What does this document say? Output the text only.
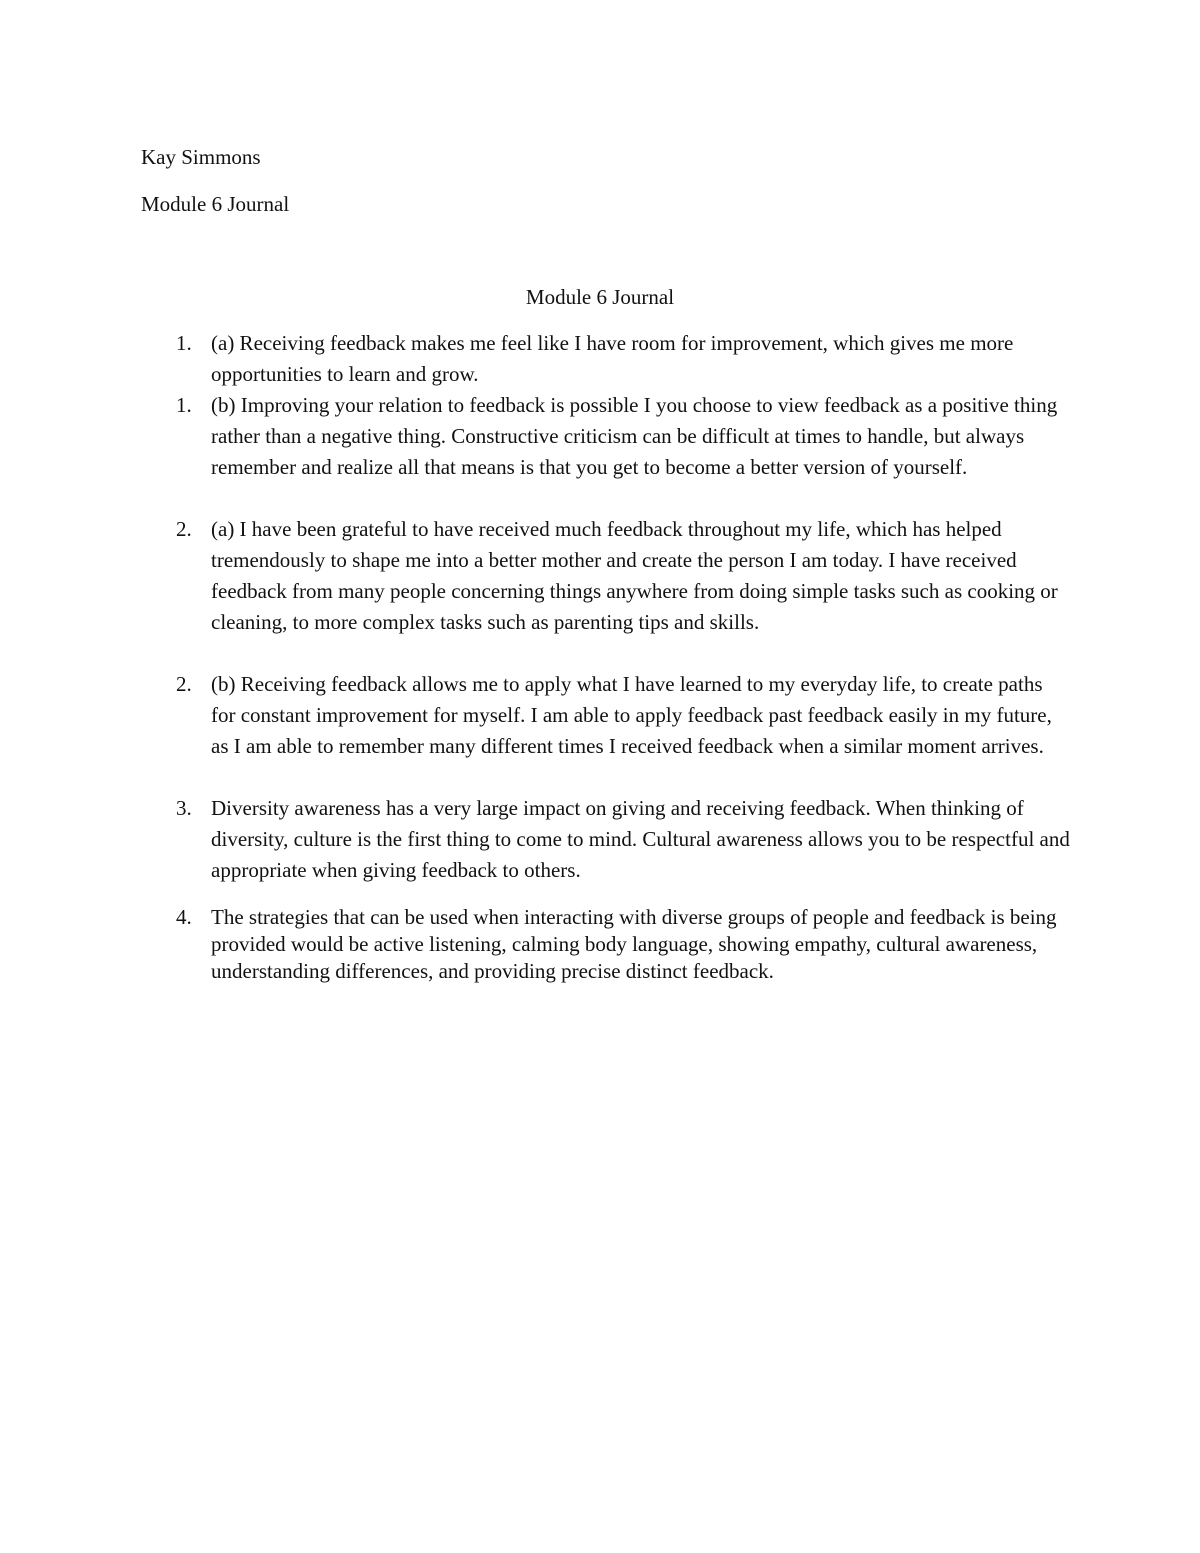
Kay Simmons
Module 6 Journal
Module 6 Journal
1. (a) Receiving feedback makes me feel like I have room for improvement, which gives me more opportunities to learn and grow.

1. (b) Improving your relation to feedback is possible I you choose to view feedback as a positive thing rather than a negative thing. Constructive criticism can be difficult at times to handle, but always remember and realize all that means is that you get to become a better version of yourself.

2. (a) I have been grateful to have received much feedback throughout my life, which has helped tremendously to shape me into a better mother and create the person I am today. I have received feedback from many people concerning things anywhere from doing simple tasks such as cooking or cleaning, to more complex tasks such as parenting tips and skills.

2. (b) Receiving feedback allows me to apply what I have learned to my everyday life, to create paths for constant improvement for myself. I am able to apply feedback past feedback easily in my future, as I am able to remember many different times I received feedback when a similar moment arrives.

3. Diversity awareness has a very large impact on giving and receiving feedback. When thinking of diversity, culture is the first thing to come to mind. Cultural awareness allows you to be respectful and appropriate when giving feedback to others.

4. The strategies that can be used when interacting with diverse groups of people and feedback is being provided would be active listening, calming body language, showing empathy, cultural awareness, understanding differences, and providing precise distinct feedback.
